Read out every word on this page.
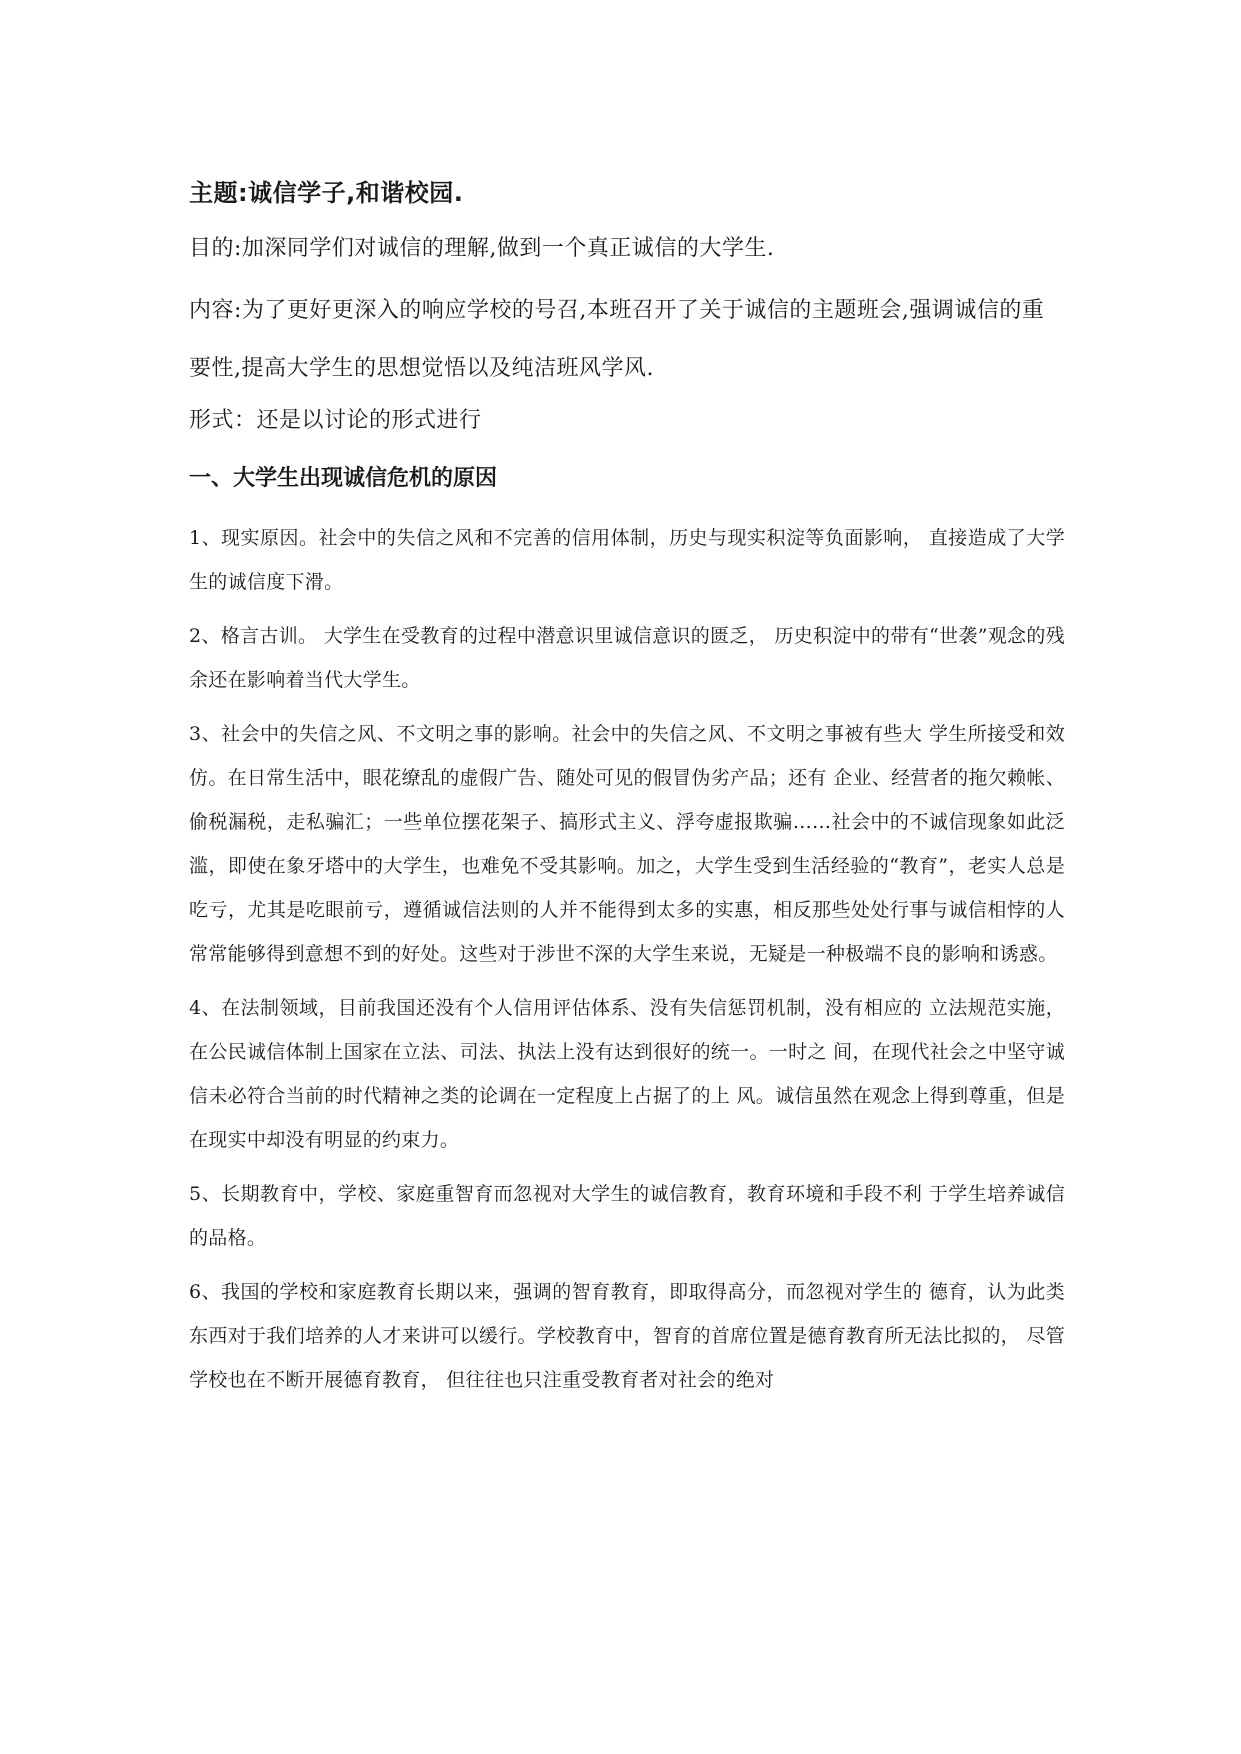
主题:诚信学子,和谐校园.
目的:加深同学们对诚信的理解,做到一个真正诚信的大学生.
内容:为了更好更深入的响应学校的号召,本班召开了关于诚信的主题班会,强调诚信的重要性,提高大学生的思想觉悟以及纯洁班风学风.
形式：还是以讨论的形式进行
一、大学生出现诚信危机的原因

1、现实原因。社会中的失信之风和不完善的信用体制，历史与现实积淀等负面影响， 直接造成了大学生的诚信度下滑。

2、格言古训。 大学生在受教育的过程中潜意识里诚信意识的匮乏， 历史积淀中的带有“世袭”观念的残余还在影响着当代大学生。

3、社会中的失信之风、不文明之事的影响。社会中的失信之风、不文明之事被有些大 学生所接受和效仿。在日常生活中，眼花缭乱的虚假广告、随处可见的假冒伪劣产品；还有 企业、经营者的拖欠赖帐、偷税漏税，走私骗汇；一些单位摆花架子、搞形式主义、浮夸虚报欺骗……社会中的不诚信现象如此泛滥，即使在象牙塔中的大学生，也难免不受其影响。加之，大学生受到生活经验的“教育”，老实人总是吃亏，尤其是吃眼前亏，遵循诚信法则的人并不能得到太多的实惠，相反那些处处行事与诚信相悖的人常常能够得到意想不到的好处。这些对于涉世不深的大学生来说，无疑是一种极端不良的影响和诱惑。

4、在法制领域，目前我国还没有个人信用评估体系、没有失信惩罚机制，没有相应的 立法规范实施，在公民诚信体制上国家在立法、司法、执法上没有达到很好的统一。一时之 间，在现代社会之中坚守诚信未必符合当前的时代精神之类的论调在一定程度上占据了的上 风。诚信虽然在观念上得到尊重，但是在现实中却没有明显的约束力。

5、长期教育中，学校、家庭重智育而忽视对大学生的诚信教育，教育环境和手段不利 于学生培养诚信的品格。

6、我国的学校和家庭教育长期以来，强调的智育教育，即取得高分，而忽视对学生的 德育，认为此类东西对于我们培养的人才来讲可以缓行。学校教育中，智育的首席位置是德育教育所无法比拟的， 尽管学校也在不断开展德育教育， 但往往也只注重受教育者对社会的绝对
